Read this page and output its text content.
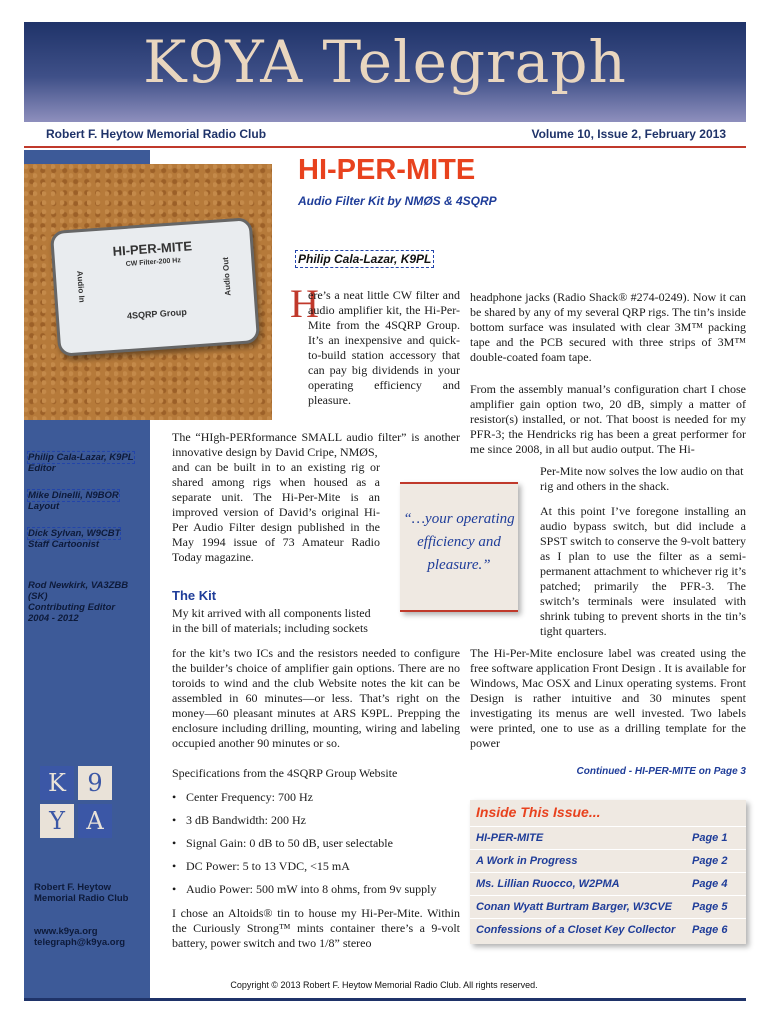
K9YA Telegraph
Robert F. Heytow Memorial Radio Club	Volume 10, Issue 2, February 2013
Philip Cala-Lazar, K9PL
Editor
Mike Dinelli, N9BOR
Layout
Dick Sylvan, W9CBT
Staff Cartoonist
Rod Newkirk, VA3ZBB (SK)
Contributing Editor
2004 - 2012
Robert F. Heytow
Memorial Radio Club
www.k9ya.org
telegraph@k9ya.org
K 9
Y A
HI-PER-MITE
CW Filter-200 Hz
Audio In	Audio Out
4SQRP Group
HI-PER-MITE
Audio Filter Kit by NMØS & 4SQRP
Philip Cala-Lazar, K9PL
H
ere’s a neat little CW filter and audio amplifier kit, the Hi-Per-Mite from the 4SQRP Group. It’s an inexpensive and quick-to-build station accessory that can pay big dividends in your operating efficiency and pleasure.
The “HIgh-PERformance SMALL audio filter” is another innovative design by David Cripe, NMØS,
and can be built in to an existing rig or shared among rigs when housed as a separate unit. The Hi-Per-Mite is an improved version of David’s original Hi-Per Audio Filter design published in the May 1994 issue of 73 Amateur Radio Today magazine.
The Kit
My kit arrived with all components listed in the bill of materials; including sockets
for the kit’s two ICs and the resistors needed to configure the builder’s choice of amplifier gain options. There are no toroids to wind and the club Website notes the kit can be assembled in 60 minutes—or less. That’s right on the money—60 pleasant minutes at ARS K9PL. Prepping the enclosure including drilling, mounting, wiring and labeling occupied another 90 minutes or so.
Specifications from the 4SQRP Group Website
• Center Frequency: 700 Hz
• 3 dB Bandwidth: 200 Hz
• Signal Gain: 0 dB to 50 dB, user selectable
• DC Power: 5 to 13 VDC, <15 mA
• Audio Power: 500 mW into 8 ohms, from 9v supply
I chose an Altoids® tin to house my Hi-Per-Mite. Within the Curiously Strong™ mints container there’s a 9-volt battery, power switch and two 1/8” stereo
“…your operating efficiency and pleasure.”
headphone jacks (Radio Shack® #274-0249). Now it can be shared by any of my several QRP rigs. The tin’s inside bottom surface was insulated with clear 3M™ packing tape and the PCB secured with three strips of 3M™ double-coated foam tape.
From the assembly manual’s configuration chart I chose amplifier gain option two, 20 dB, simply a matter of resistor(s) installed, or not. That boost is needed for my PFR-3; the Hendricks rig has been a great performer for me since 2008, in all but audio output. The Hi-
Per-Mite now solves the low audio on that rig and others in the shack.
At this point I’ve foregone installing an audio bypass switch, but did include a SPST switch to conserve the 9-volt battery as I plan to use the filter as a semi-permanent attachment to whichever rig it’s patched; primarily the PFR-3. The switch’s terminals were insulated with shrink tubing to prevent shorts in the tin’s tight quarters.
The Hi-Per-Mite enclosure label was created using the free software application Front Design . It is available for Windows, Mac OSX and Linux operating systems. Front Design is rather intuitive and 30 minutes spent investigating its menus are well invested. Two labels were printed, one to use as a drilling template for the power
Continued - HI-PER-MITE on Page 3
Inside This Issue...
HI-PER-MITE	Page 1
A Work in Progress	Page 2
Ms. Lillian Ruocco, W2PMA	Page 4
Conan Wyatt Burtram Barger, W3CVE Page 5
Confessions of a Closet Key Collector Page 6
Copyright © 2013 Robert F. Heytow Memorial Radio Club. All rights reserved.
